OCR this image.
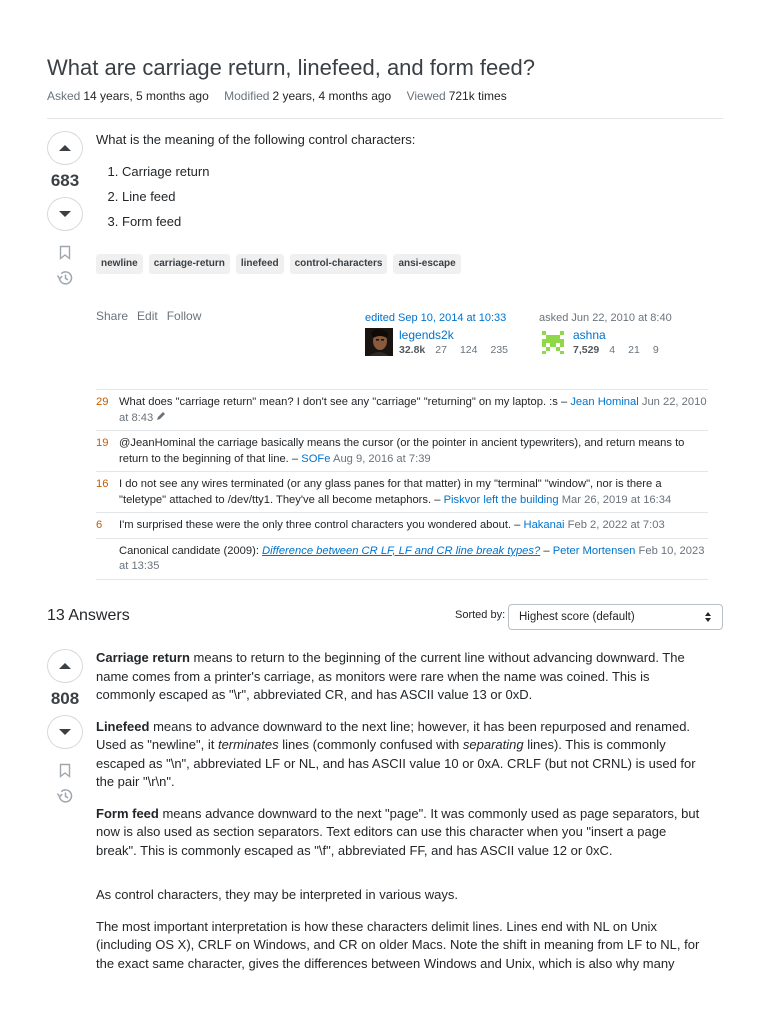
What are carriage return, linefeed, and form feed?
Asked 14 years, 5 months ago Modified 2 years, 4 months ago Viewed 721k times
683

What is the meaning of the following control characters:

1. Carriage return
2. Line feed
3. Form feed
newline	carriage-return	linefeed	control-characters	ansi-escape
Share Edit Follow	edited Sep 10, 2014 at 10:33
legends2k
32.8k 27 124 235
asked Jun 22, 2010 at 8:40
ashna
7,529 4 21 9
29 What does "carriage return" mean? I don't see any "carriage" "returning" on my laptop. :s – Jean Hominal Jun 22, 2010 at 8:43
19 @JeanHominal the carriage basically means the cursor (or the pointer in ancient typewriters), and return means to return to the beginning of that line. – SOFe Aug 9, 2016 at 7:39
16 I do not see any wires terminated (or any glass panes for that matter) in my "terminal" "window", nor is there a "teletype" attached to /dev/tty1. They've all become metaphors. – Piskvor left the building Mar 26, 2019 at 16:34
6	I'm surprised these were the only three control characters you wondered about. – Hakanai Feb 2, 2022 at 7:03
Canonical candidate (2009): Difference between CR LF, LF and CR line break types? – Peter Mortensen Feb 10, 2023 at 13:35
13 Answers	Sorted by:	Highest score (default)
808

Carriage return means to return to the beginning of the current line without advancing downward. The name comes from a printer's carriage, as monitors were rare when the name was coined. This is commonly escaped as "\r", abbreviated CR, and has ASCII value 13 or 0xD.

Linefeed means to advance downward to the next line; however, it has been repurposed and renamed. Used as "newline", it terminates lines (commonly confused with separating lines). This is commonly escaped as "\n", abbreviated LF or NL, and has ASCII value 10 or 0xA. CRLF (but not CRNL) is used for the pair "\r\n".

Form feed means advance downward to the next "page". It was commonly used as page separators, but now is also used as section separators. Text editors can use this character when you "insert a page break". This is commonly escaped as "\f", abbreviated FF, and has ASCII value 12 or 0xC.

As control characters, they may be interpreted in various ways.

The most important interpretation is how these characters delimit lines. Lines end with NL on Unix (including OS X), CRLF on Windows, and CR on older Macs. Note the shift in meaning from LF to NL, for the exact same character, gives the differences between Windows and Unix, which is also why many
